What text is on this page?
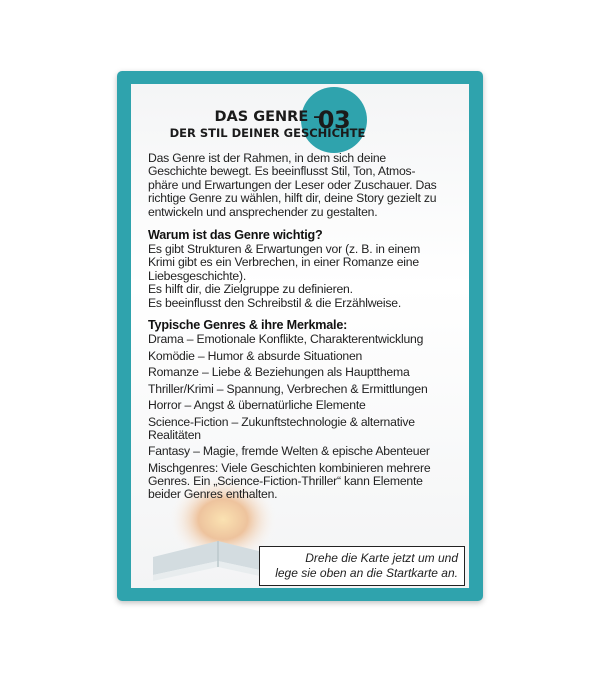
03
DAS GENRE –
DER STIL DEINER GESCHICHTE

Das Genre ist der Rahmen, in dem sich deine

Geschichte bewegt. Es beeinflusst Stil, Ton, Atmos-

phäre und Erwartungen der Leser oder Zuschauer. Das

richtige Genre zu wählen, hilft dir, deine Story gezielt zu

entwickeln und ansprechender zu gestalten.

Warum ist das Genre wichtig?

Es gibt Strukturen & Erwartungen vor (z. B. in einem

Krimi gibt es ein Verbrechen, in einer Romanze eine

Liebesgeschichte).

Es hilft dir, die Zielgruppe zu definieren.

Es beeinflusst den Schreibstil & die Erzählweise.

Typische Genres & ihre Merkmale:

Drama – Emotionale Konflikte, Charakterentwicklung

Komödie – Humor & absurde Situationen

Romanze – Liebe & Beziehungen als Hauptthema

Thriller/Krimi – Spannung, Verbrechen & Ermittlungen

Horror – Angst & übernatürliche Elemente

Science-Fiction – Zukunftstechnologie & alternative

Realitäten

Fantasy – Magie, fremde Welten & epische Abenteuer

Mischgenres: Viele Geschichten kombinieren mehrere

Genres. Ein „Science-Fiction-Thriller“ kann Elemente

beider Genres enthalten.

Drehe die Karte jetzt um und
lege sie oben an die Startkarte an.
